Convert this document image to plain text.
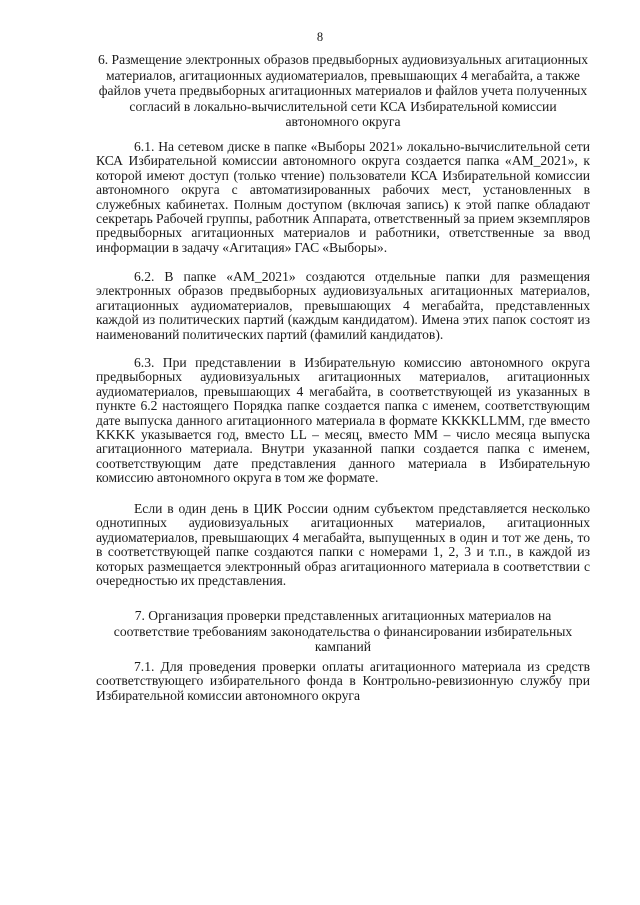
8
6. Размещение электронных образов предвыборных аудиовизуальных агитационных материалов, агитационных аудиоматериалов, превышающих 4 мегабайта, а также файлов учета предвыборных агитационных материалов и файлов учета полученных согласий в локально-вычислительной сети КСА Избирательной комиссии автономного округа
6.1. На сетевом диске в папке «Выборы 2021» локально-вычислительной сети КСА Избирательной комиссии автономного округа создается папка «AM_2021», к которой имеют доступ (только чтение) пользователи КСА Избирательной комиссии автономного округа с автоматизированных рабочих мест, установленных в служебных кабинетах. Полным доступом (включая запись) к этой папке обладают секретарь Рабочей группы, работник Аппарата, ответственный за прием экземпляров предвыборных агитационных материалов и работники, ответственные за ввод информации в задачу «Агитация» ГАС «Выборы».
6.2. В папке «AM_2021» создаются отдельные папки для размещения электронных образов предвыборных аудиовизуальных агитационных материалов, агитационных аудиоматериалов, превышающих 4 мегабайта, представленных каждой из политических партий (каждым кандидатом). Имена этих папок состоят из наименований политических партий (фамилий кандидатов).
6.3. При представлении в Избирательную комиссию автономного округа предвыборных аудиовизуальных агитационных материалов, агитационных аудиоматериалов, превышающих 4 мегабайта, в соответствующей из указанных в пункте 6.2 настоящего Порядка папке создается папка с именем, соответствующим дате выпуска данного агитационного материала в формате KKKKLLMM, где вместо KKKK указывается год, вместо LL – месяц, вместо MM – число месяца выпуска агитационного материала. Внутри указанной папки создается папка с именем, соответствующим дате представления данного материала в Избирательную комиссию автономного округа в том же формате.
Если в один день в ЦИК России одним субъектом представляется несколько однотипных аудиовизуальных агитационных материалов, агитационных аудиоматериалов, превышающих 4 мегабайта, выпущенных в один и тот же день, то в соответствующей папке создаются папки с номерами 1, 2, 3 и т.п., в каждой из которых размещается электронный образ агитационного материала в соответствии с очередностью их представления.
7. Организация проверки представленных агитационных материалов на соответствие требованиям законодательства о финансировании избирательных кампаний
7.1. Для проведения проверки оплаты агитационного материала из средств соответствующего избирательного фонда в Контрольно-ревизионную службу при Избирательной комиссии автономного округа
